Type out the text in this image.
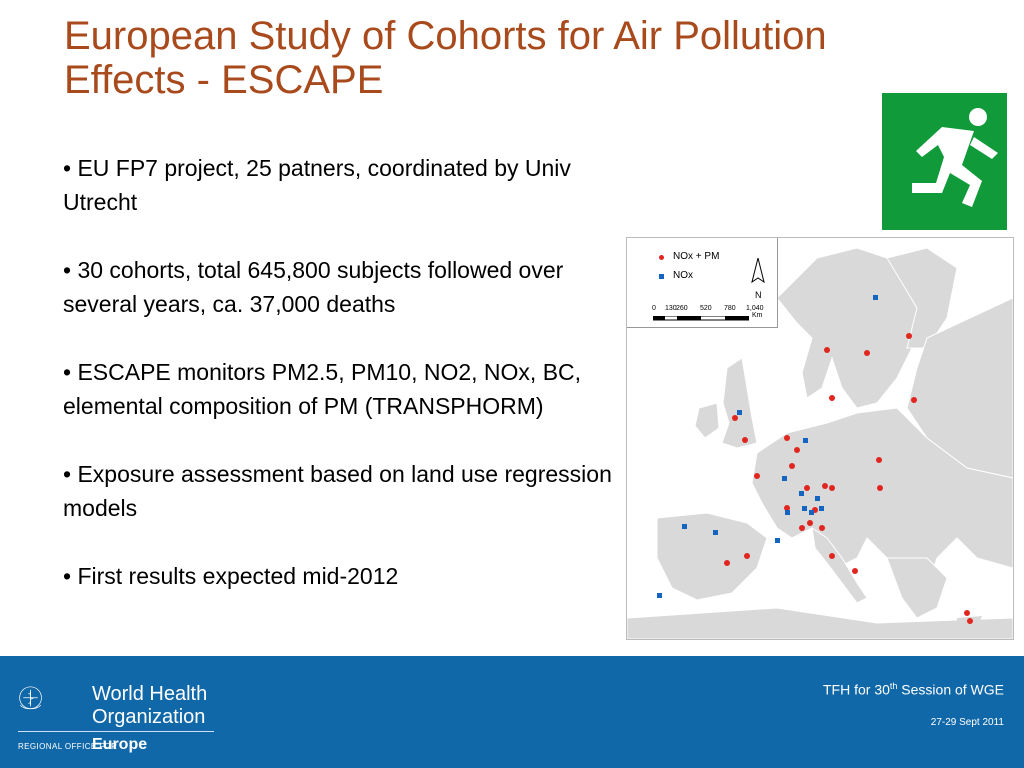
European Study of Cohorts for Air Pollution Effects - ESCAPE
• EU FP7 project, 25 patners, coordinated by Univ Utrecht
• 30 cohorts, total 645,800 subjects followed over several years, ca. 37,000 deaths
• ESCAPE monitors PM2.5, PM10, NO2, NOx, BC, elemental composition of PM (TRANSPHORM)
• Exposure assessment based on land use regression models
• First results expected mid-2012
NOx + PM
NOx
N
0 130 260 520 780 1,040
Km
World Health
Organization
REGIONAL OFFICE FOR
Europe
TFH for 30th Session of WGE
27-29 Sept 2011
